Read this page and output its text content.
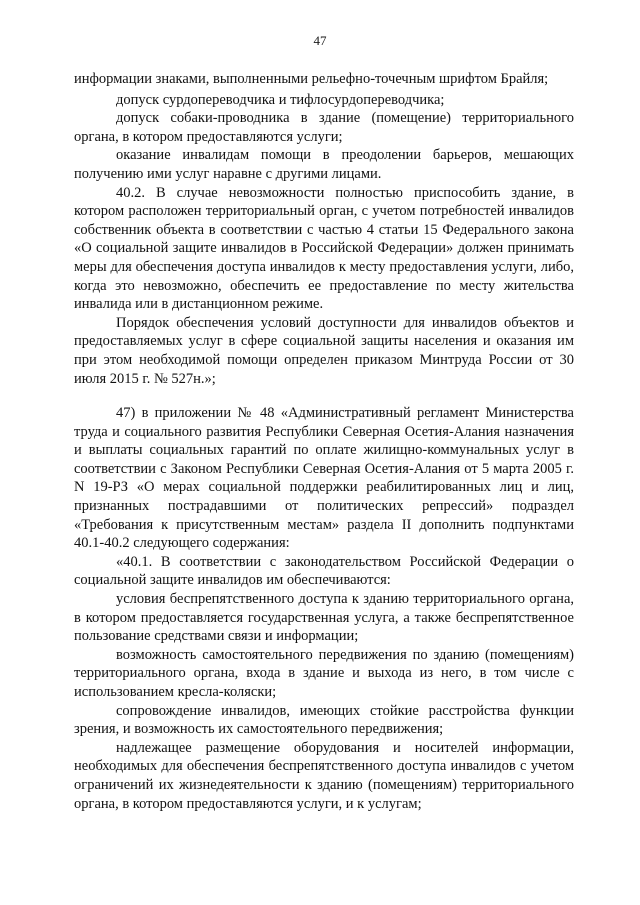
47

информации знаками, выполненными рельефно-точечным шрифтом Брайля;

допуск сурдопереводчика и тифлосурдопереводчика;

допуск собаки-проводника в здание (помещение) территориального органа, в котором предоставляются услуги;

оказание инвалидам помощи в преодолении барьеров, мешающих получению ими услуг наравне с другими лицами.

40.2. В случае невозможности полностью приспособить здание, в котором расположен территориальный орган, с учетом потребностей инвалидов собственник объекта в соответствии с частью 4 статьи 15 Федерального закона «О социальной защите инвалидов в Российской Федерации» должен принимать меры для обеспечения доступа инвалидов к месту предоставления услуги, либо, когда это невозможно, обеспечить ее предоставление по месту жительства инвалида или в дистанционном режиме.

Порядок обеспечения условий доступности для инвалидов объектов и предоставляемых услуг в сфере социальной защиты населения и оказания им при этом необходимой помощи определен приказом Минтруда России от 30 июля 2015 г. № 527н.»;

47) в приложении № 48 «Административный регламент Министерства труда и социального развития Республики Северная Осетия-Алания назначения и выплаты социальных гарантий по оплате жилищно-коммунальных услуг в соответствии с Законом Республики Северная Осетия-Алания от 5 марта 2005 г. N 19-РЗ «О мерах социальной поддержки реабилитированных лиц и лиц, признанных пострадавшими от политических репрессий» подраздел «Требования к присутственным местам» раздела II дополнить подпунктами 40.1-40.2 следующего содержания:

«40.1. В соответствии с законодательством Российской Федерации о социальной защите инвалидов им обеспечиваются:

условия беспрепятственного доступа к зданию территориального органа, в котором предоставляется государственная услуга, а также беспрепятственное пользование средствами связи и информации;

возможность самостоятельного передвижения по зданию (помещениям) территориального органа, входа в здание и выхода из него, в том числе с использованием кресла-коляски;

сопровождение инвалидов, имеющих стойкие расстройства функции зрения, и возможность их самостоятельного передвижения;

надлежащее размещение оборудования и носителей информации, необходимых для обеспечения беспрепятственного доступа инвалидов с учетом ограничений их жизнедеятельности к зданию (помещениям) территориального органа, в котором предоставляются услуги, и к услугам;
